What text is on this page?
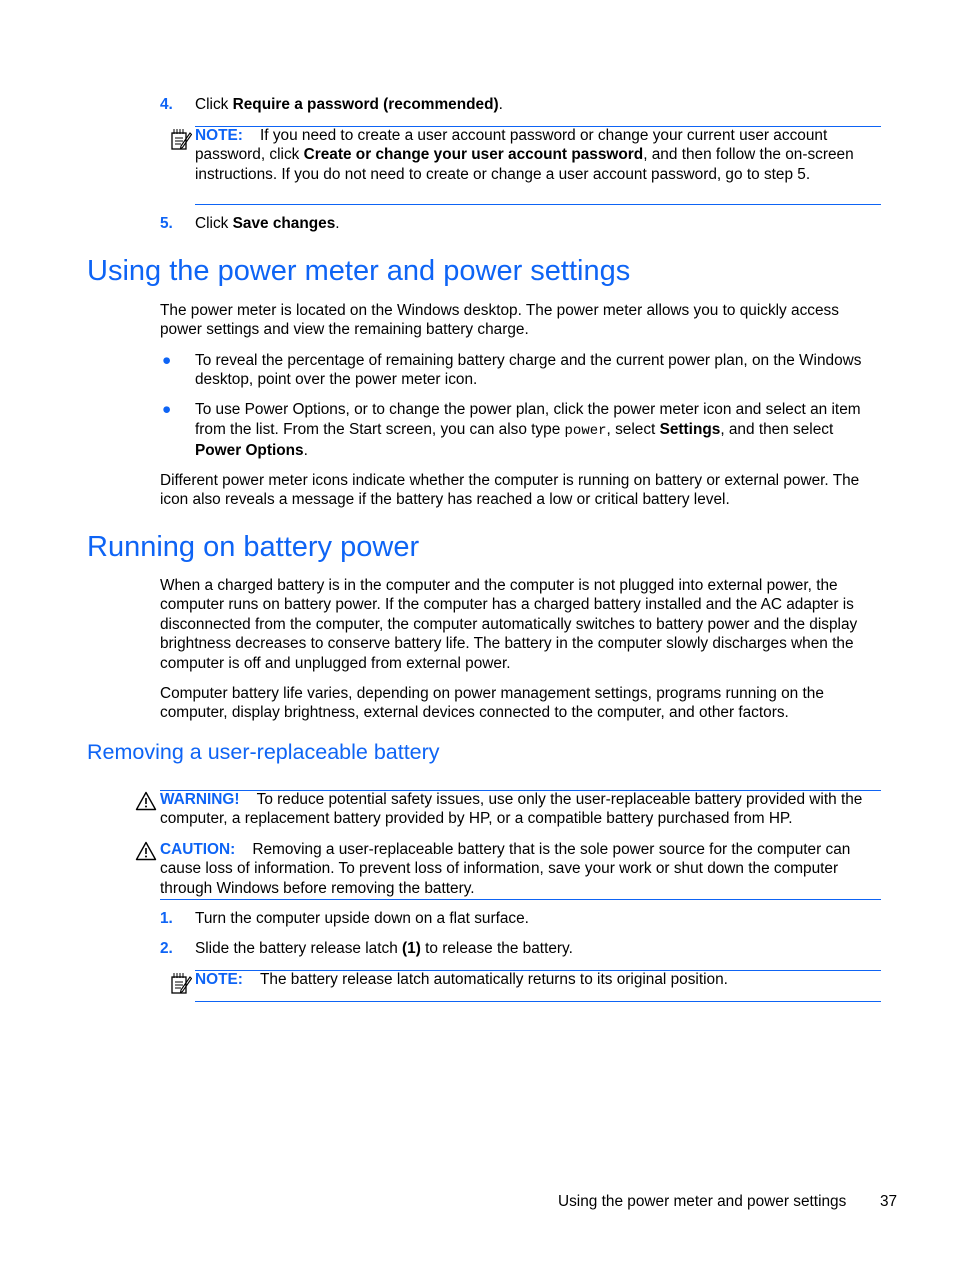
4. Click Require a password (recommended).

NOTE: If you need to create a user account password or change your current user account password, click Create or change your user account password, and then follow the on-screen instructions. If you do not need to create or change a user account password, go to step 5.

5. Click Save changes.

Using the power meter and power settings

The power meter is located on the Windows desktop. The power meter allows you to quickly access power settings and view the remaining battery charge.

● To reveal the percentage of remaining battery charge and the current power plan, on the Windows desktop, point over the power meter icon.

● To use Power Options, or to change the power plan, click the power meter icon and select an item from the list. From the Start screen, you can also type power, select Settings, and then select Power Options.

Different power meter icons indicate whether the computer is running on battery or external power. The icon also reveals a message if the battery has reached a low or critical battery level.

Running on battery power

When a charged battery is in the computer and the computer is not plugged into external power, the computer runs on battery power. If the computer has a charged battery installed and the AC adapter is disconnected from the computer, the computer automatically switches to battery power and the display brightness decreases to conserve battery life. The battery in the computer slowly discharges when the computer is off and unplugged from external power.

Computer battery life varies, depending on power management settings, programs running on the computer, display brightness, external devices connected to the computer, and other factors.

Removing a user-replaceable battery

WARNING! To reduce potential safety issues, use only the user-replaceable battery provided with the computer, a replacement battery provided by HP, or a compatible battery purchased from HP.

CAUTION: Removing a user-replaceable battery that is the sole power source for the computer can cause loss of information. To prevent loss of information, save your work or shut down the computer through Windows before removing the battery.

1. Turn the computer upside down on a flat surface.

2. Slide the battery release latch (1) to release the battery.

NOTE: The battery release latch automatically returns to its original position.

Using the power meter and power settings 37
